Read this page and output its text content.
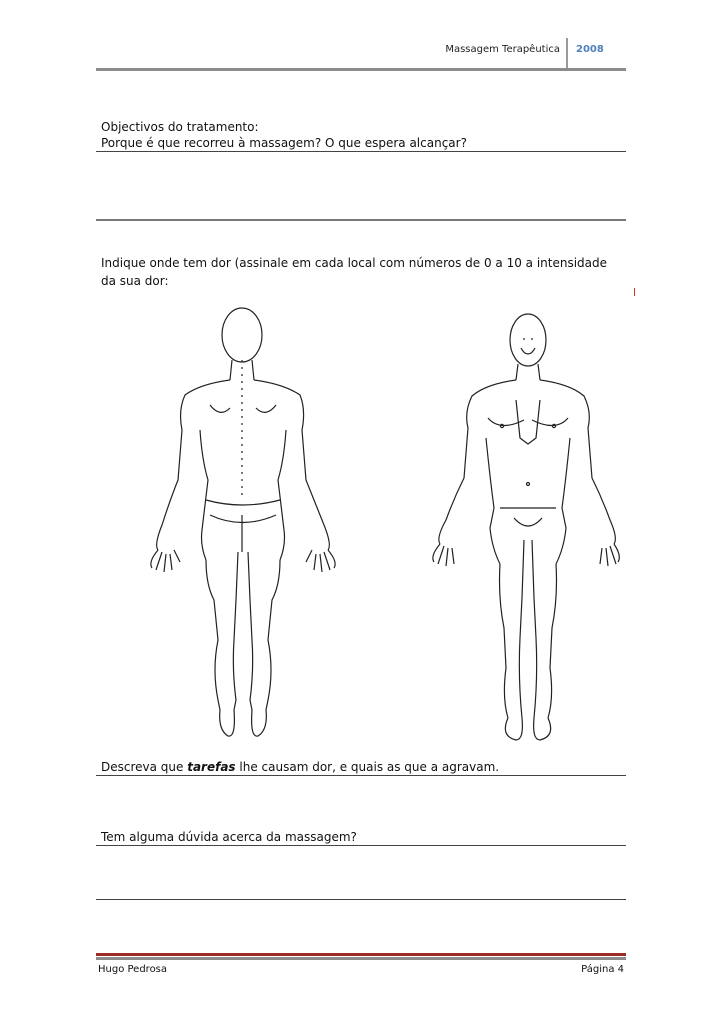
Massagem Terapêutica 2008
Objectivos do tratamento:
Porque é que recorreu à massagem? O que espera alcançar?
Indique onde tem dor (assinale em cada local com números de 0 a 10 a intensidade
da sua dor:
Descreva que tarefas lhe causam dor, e quais as que a agravam.
Tem alguma dúvida acerca da massagem?
Hugo Pedrosa	Página 4
